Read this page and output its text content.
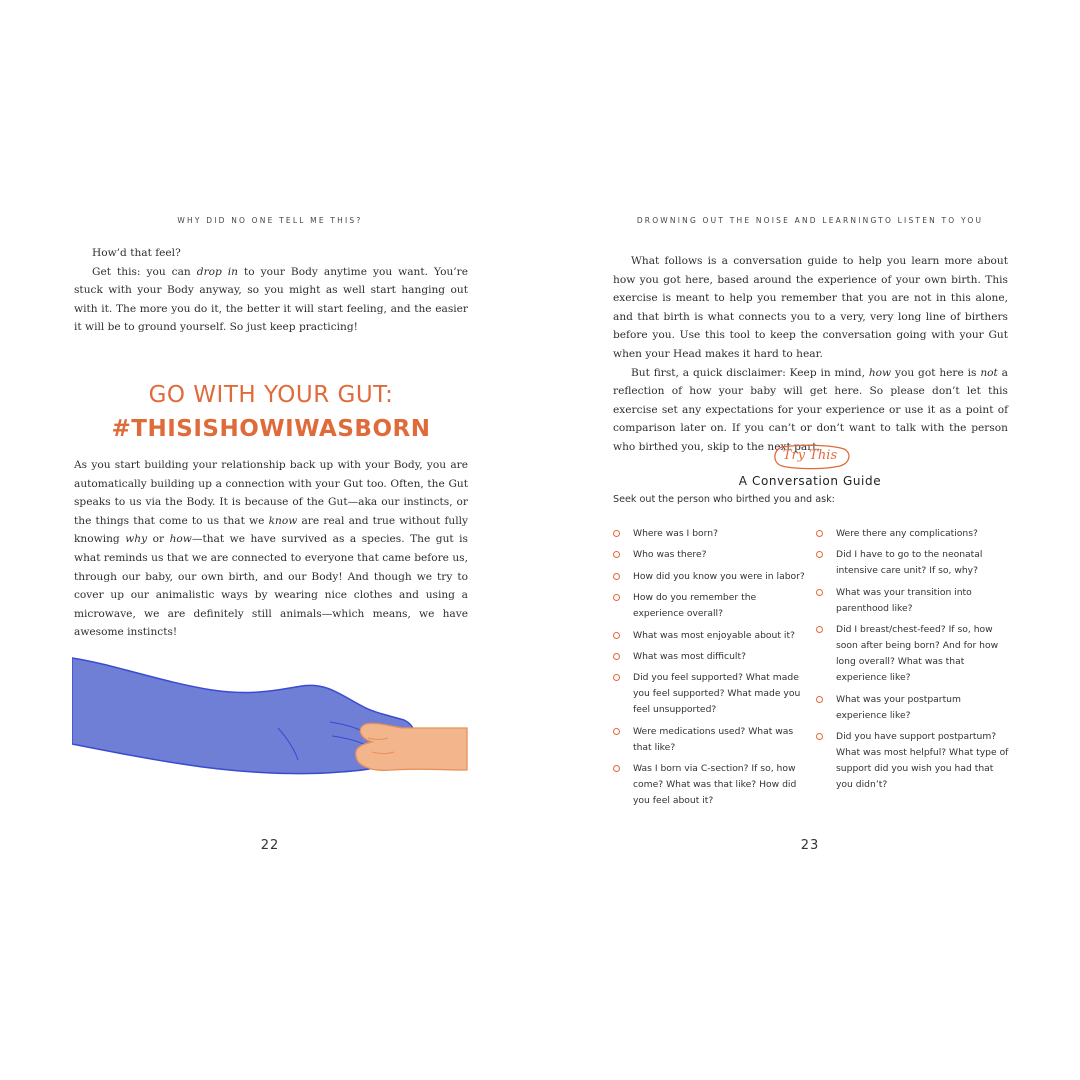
WHY DID NO ONE TELL ME THIS?

How’d that feel?

Get this: you can drop in to your Body anytime you want. You’re stuck with your Body anyway, so you might as well start hanging out with it. The more you do it, the better it will start feeling, and the easier it will be to ground yourself. So just keep practicing!

GO WITH YOUR GUT:
#THISISHOWIWASBORN

As you start building your relationship back up with your Body, you are automatically building up a connection with your Gut too. Often, the Gut speaks to us via the Body. It is because of the Gut—aka our instincts, or the things that come to us that we know are real and true without fully knowing why or how—that we have survived as a species. The gut is what reminds us that we are connected to everyone that came before us, through our baby, our own birth, and our Body! And though we try to cover up our animalistic ways by wearing nice clothes and using a microwave, we are definitely still animals—which means, we have awesome instincts!

22
DROWNING OUT THE NOISE AND LEARNINGTO LISTEN TO YOU

What follows is a conversation guide to help you learn more about how you got here, based around the experience of your own birth. This exercise is meant to help you remember that you are not in this alone, and that birth is what connects you to a very, very long line of birthers before you. Use this tool to keep the conversation going with your Gut when your Head makes it hard to hear.

But first, a quick disclaimer: Keep in mind, how you got here is not a reflection of how your baby will get here. So please don’t let this exercise set any expectations for your experience or use it as a point of comparison later on. If you can’t or don’t want to talk with the person who birthed you, skip to the next part.

Try This
A Conversation Guide
Seek out the person who birthed you and ask:
Where was I born?
Who was there?
How did you know you were in labor?
How do you remember the experience overall?
What was most enjoyable about it?
What was most difficult?
Did you feel supported? What made you feel supported? What made you feel unsupported?
Were medications used? What was that like?
Was I born via C-section? If so, how come? What was that like? How did you feel about it?
Were there any complications?
Did I have to go to the neonatal intensive care unit? If so, why?
What was your transition into parenthood like?
Did I breast/chest-feed? If so, how soon after being born? And for how long overall? What was that experience like?
What was your postpartum experience like?
Did you have support postpartum? What was most helpful? What type of support did you wish you had that you didn’t?
23
